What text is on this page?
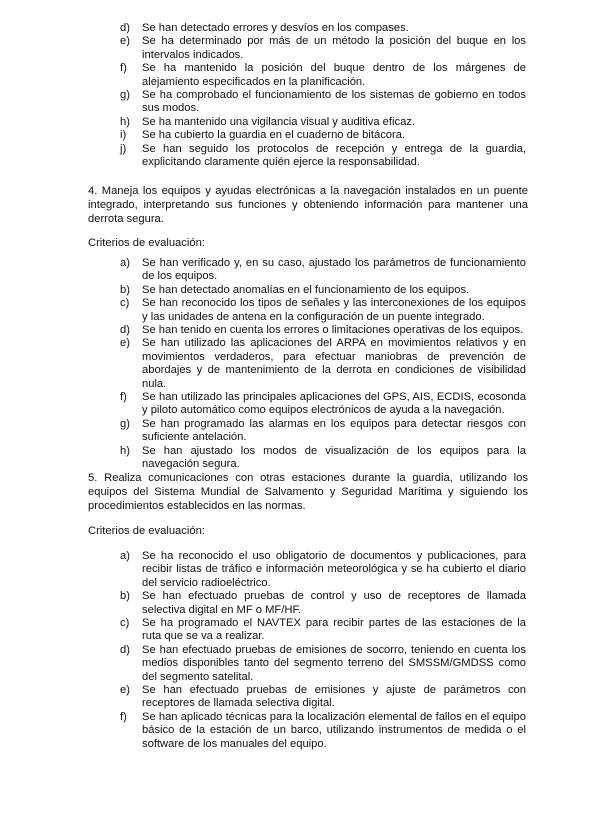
d)	Se han detectado errores y desvíos en los compases.
e)	Se ha determinado por más de un método la posición del buque en los intervalos indicados.
f)	Se ha mantenido la posición del buque dentro de los márgenes de alejamiento especificados en la planificación.
g)	Se ha comprobado el funcionamiento de los sistemas de gobierno en todos sus modos.
h)	Se ha mantenido una vigilancia visual y auditiva eficaz.
i)	Se ha cubierto la guardia en el cuaderno de bitácora.
j)	Se han seguido los protocolos de recepción y entrega de la guardia, explicitando claramente quién ejerce la responsabilidad.

4. Maneja los equipos y ayudas electrónicas a la navegación instalados en un puente integrado, interpretando sus funciones y obteniendo información para mantener una derrota segura.

Criterios de evaluación:

a)	Se han verificado y, en su caso, ajustado los parámetros de funcionamiento de los equipos.
b)	Se han detectado anomalías en el funcionamiento de los equipos.
c)	Se han reconocido los tipos de señales y las interconexiones de los equipos y las unidades de antena en la configuración de un puente integrado.
d)	Se han tenido en cuenta los errores o limitaciones operativas de los equipos.
e)	Se han utilizado las aplicaciones del ARPA en movimientos relativos y en movimientos verdaderos, para efectuar maniobras de prevención de abordajes y de mantenimiento de la derrota en condiciones de visibilidad nula.
f)	Se han utilizado las principales aplicaciones del GPS, AIS, ECDIS, ecosonda y piloto automático como equipos electrónicos de ayuda a la navegación.
g)	Se han programado las alarmas en los equipos para detectar riesgos con suficiente antelación.
h)	Se han ajustado los modos de visualización de los equipos para la navegación segura.

5. Realiza comunicaciones con otras estaciones durante la guardia, utilizando los equipos del Sistema Mundial de Salvamento y Seguridad Marítima y siguiendo los procedimientos establecidos en las normas.

Criterios de evaluación:

a)	Se ha reconocido el uso obligatorio de documentos y publicaciones, para recibir listas de tráfico e información meteorológica y se ha cubierto el diario del servicio radioeléctrico.
b)	Se han efectuado pruebas de control y uso de receptores de llamada selectiva digital en MF o MF/HF.
c)	Se ha programado el NAVTEX para recibir partes de las estaciones de la ruta que se va a realizar.
d)	Se han efectuado pruebas de emisiones de socorro, teniendo en cuenta los medios disponibles tanto del segmento terreno del SMSSM/GMDSS como del segmento satelital.
e)	Se han efectuado pruebas de emisiones y ajuste de parámetros con receptores de llamada selectiva digital.
f)	Se han aplicado técnicas para la localización elemental de fallos en el equipo básico de la estación de un barco, utilizando instrumentos de medida o el software de los manuales del equipo.
